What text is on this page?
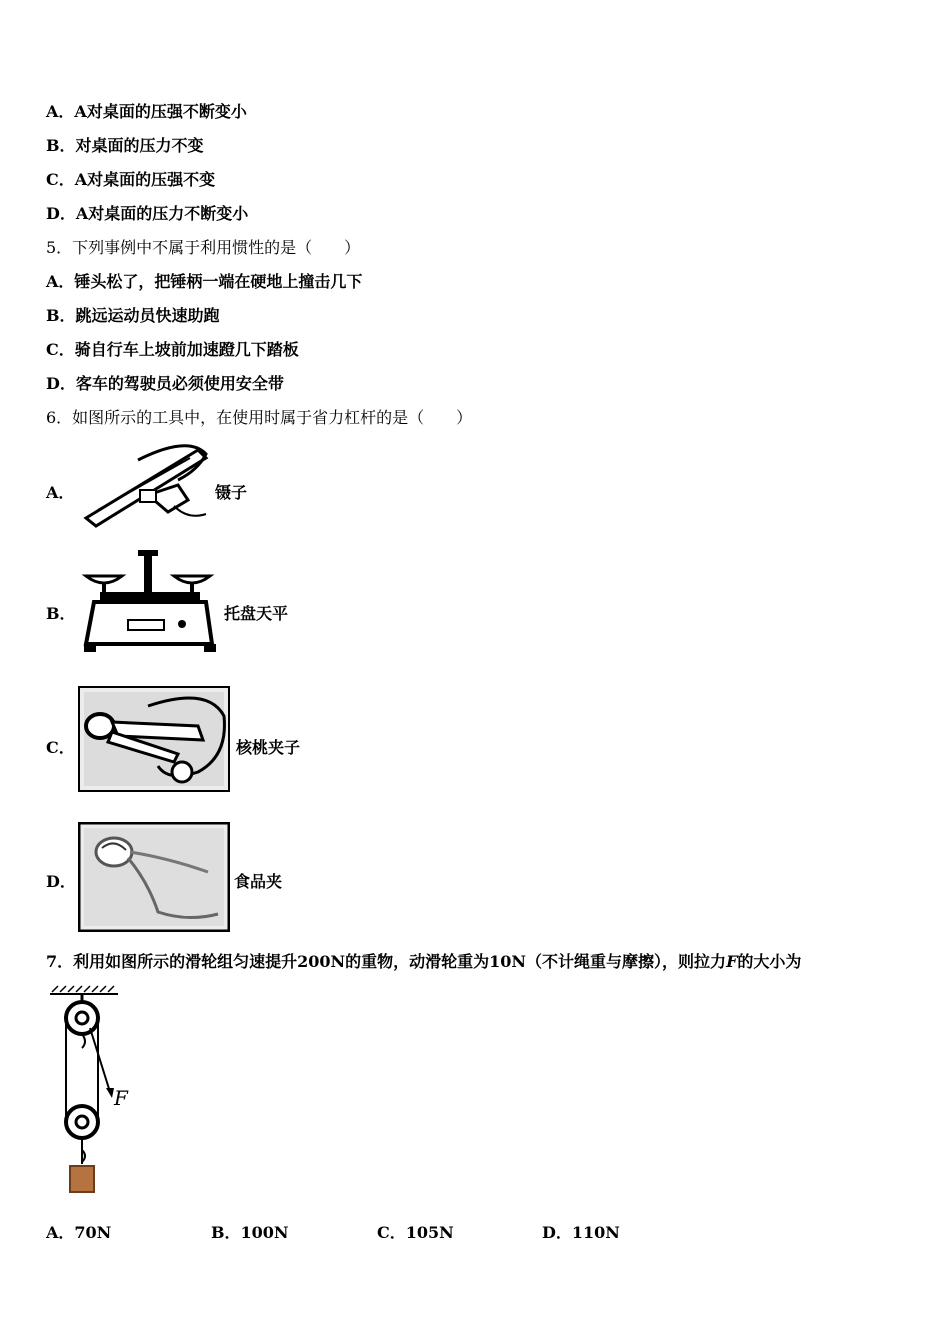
A．A对桌面的压强不断变小
B．对桌面的压力不变
C．A对桌面的压强不变
D．A对桌面的压力不断变小
5．下列事例中不属于利用惯性的是（　　）
A．锤头松了，把锤柄一端在硬地上撞击几下
B．跳远运动员快速助跑
C．骑自行车上坡前加速蹬几下踏板
D．客车的驾驶员必须使用安全带
6．如图所示的工具中，在使用时属于省力杠杆的是（　　）
A．	镊子
B．	托盘天平
C．	核桃夹子
D．	食品夹
7．利用如图所示的滑轮组匀速提升200N的重物，动滑轮重为10N（不计绳重与摩擦），则拉力F的大小为
F
A．70N	B．100N	C．105N	D．110N
